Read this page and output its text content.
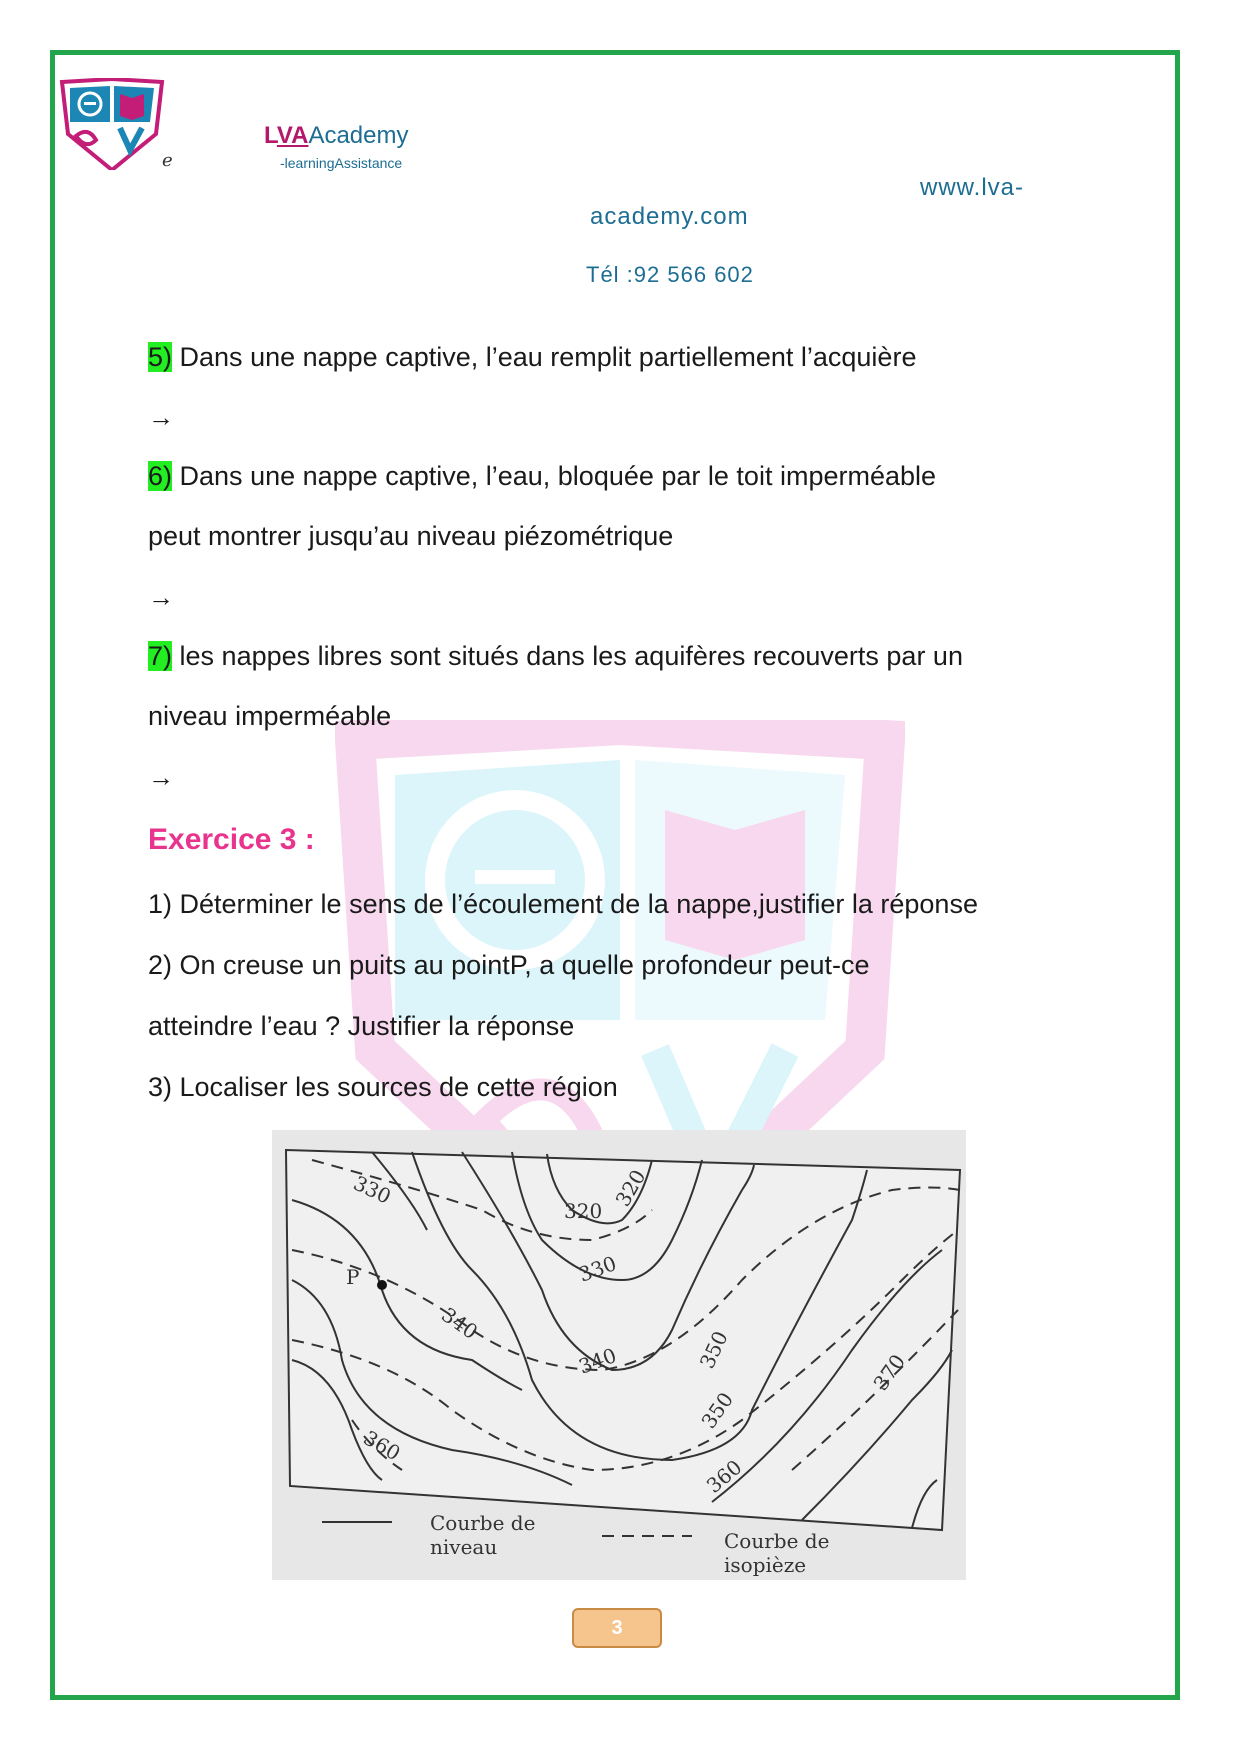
e
LVAAcademy
-learningAssistance
www.lva-
academy.com
Tél :92 566 602
5) Dans une nappe captive, l’eau remplit partiellement l’acquière
→
6) Dans une nappe captive, l’eau, bloquée par le toit imperméable
peut montrer jusqu’au niveau piézométrique
→
7) les nappes libres sont situés dans les aquifères recouverts par un
niveau imperméable
→
Exercice 3 :
1) Déterminer le sens de l’écoulement de la nappe,justifier la réponse
2) On creuse un puits au pointP, a quelle profondeur peut-ce
atteindre l’eau ? Justifier la réponse
3) Localiser les sources de cette région
P
320
320
330
330
340
340	350
350
360
360
370
Courbe de
niveau	Courbe de
isopièze
3
